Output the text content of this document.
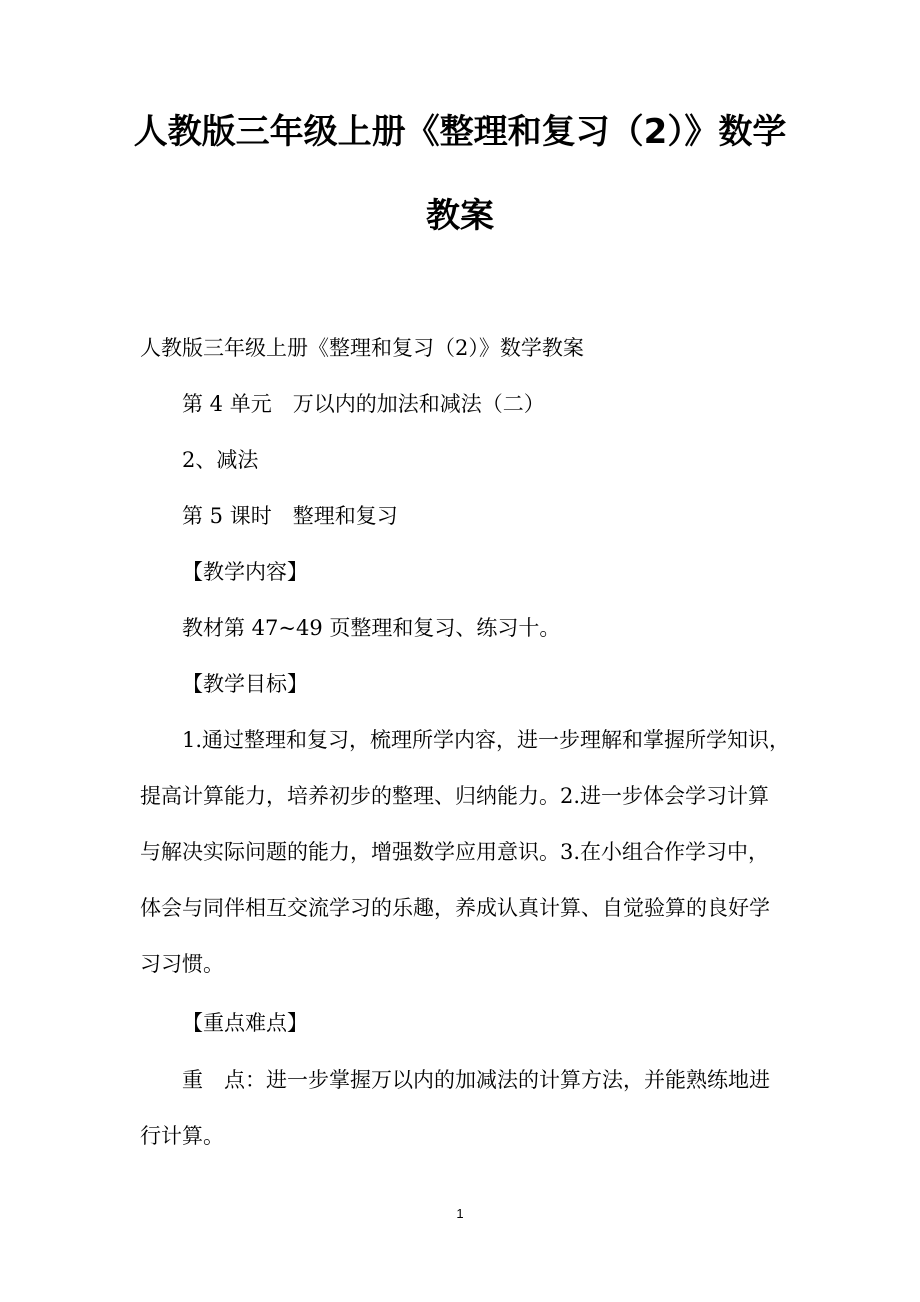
人教版三年级上册《整理和复习（2）》数学
教案
人教版三年级上册《整理和复习（2）》数学教案
第 4 单元　万以内的加法和减法（二）
2、减法
第 5 课时　整理和复习
【教学内容】
教材第 47~49 页整理和复习、练习十。
【教学目标】
1.通过整理和复习，梳理所学内容，进一步理解和掌握所学知识，
提高计算能力，培养初步的整理、归纳能力。2.进一步体会学习计算
与解决实际问题的能力，增强数学应用意识。3.在小组合作学习中，
体会与同伴相互交流学习的乐趣，养成认真计算、自觉验算的良好学
习习惯。
【重点难点】
重　点：进一步掌握万以内的加减法的计算方法，并能熟练地进
行计算。
1
